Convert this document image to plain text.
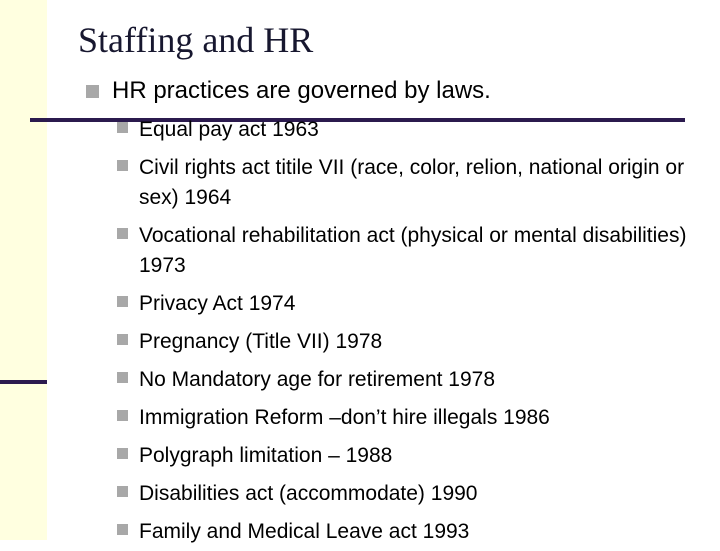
Staffing and HR
HR practices are governed by laws.
Equal pay act 1963
Civil rights act titile VII (race, color, relion, national origin or sex) 1964
Vocational rehabilitation act (physical or mental disabilities) 1973
Privacy Act 1974
Pregnancy (Title VII) 1978
No Mandatory age for retirement 1978
Immigration Reform –don’t hire illegals 1986
Polygraph limitation – 1988
Disabilities act (accommodate) 1990
Family and Medical Leave act 1993
